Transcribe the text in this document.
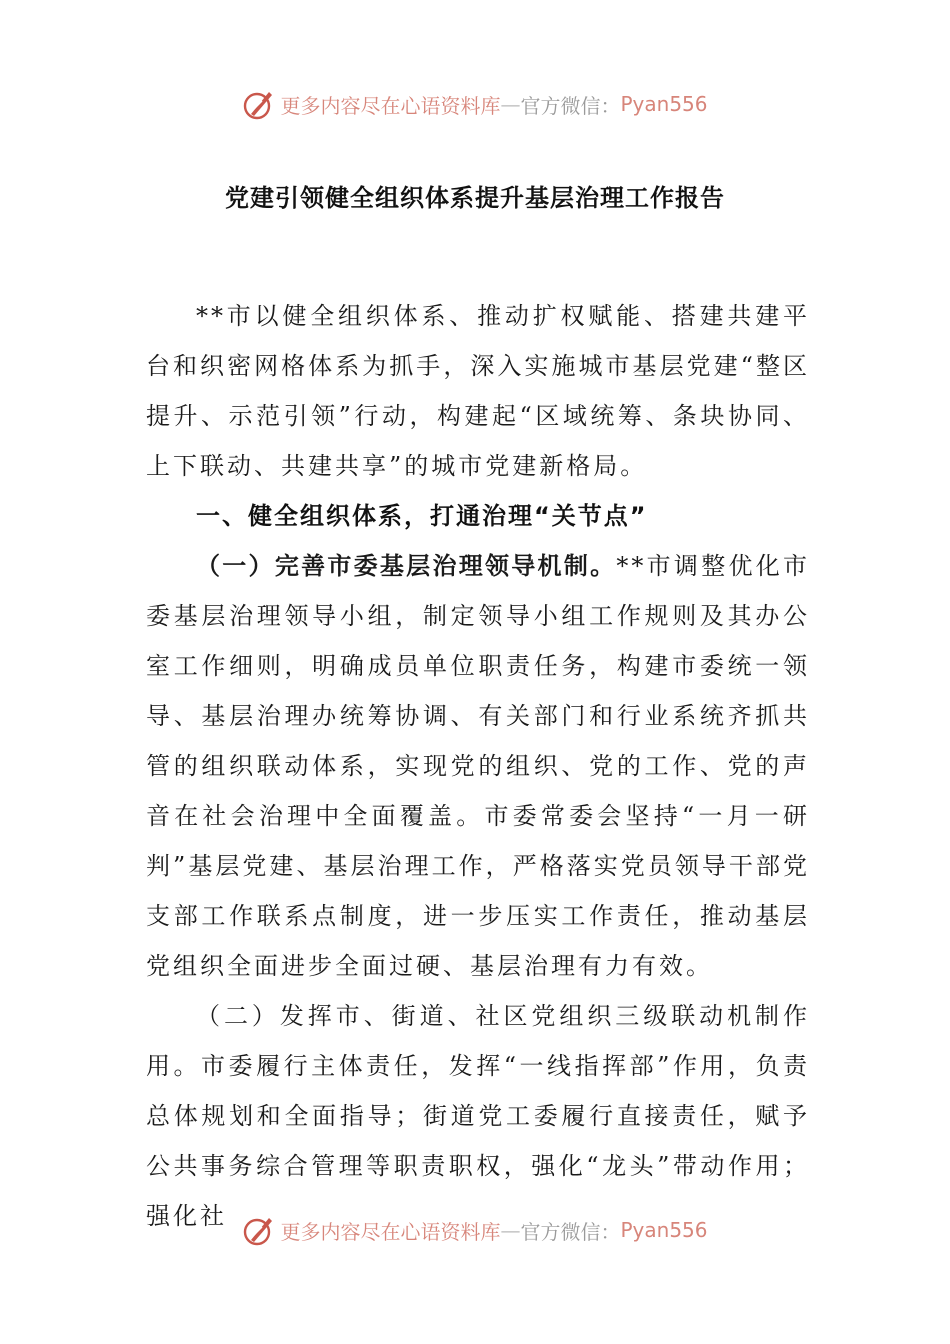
更多内容尽在心语资料库 — 官方微信： Pyan556
党建引领健全组织体系提升基层治理工作报告

**市以健全组织体系、推动扩权赋能、搭建共建平台和织密网格体系为抓手，深入实施城市基层党建“整区提升、示范引领”行动，构建起“区域统筹、条块协同、上下联动、共建共享”的城市党建新格局。

一、健全组织体系，打通治理“关节点”

（一）完善市委基层治理领导机制。**市调整优化市委基层治理领导小组，制定领导小组工作规则及其办公室工作细则，明确成员单位职责任务，构建市委统一领导、基层治理办统筹协调、有关部门和行业系统齐抓共管的组织联动体系，实现党的组织、党的工作、党的声音在社会治理中全面覆盖。市委常委会坚持“一月一研判”基层党建、基层治理工作，严格落实党员领导干部党支部工作联系点制度，进一步压实工作责任，推动基层党组织全面进步全面过硬、基层治理有力有效。

（二）发挥市、街道、社区党组织三级联动机制作用。市委履行主体责任，发挥“一线指挥部”作用，负责总体规划和全面指导；街道党工委履行直接责任，赋予公共事务综合管理等职责职权，强化“龙头”带动作用；强化社

更多内容尽在心语资料库 — 官方微信： Pyan556
